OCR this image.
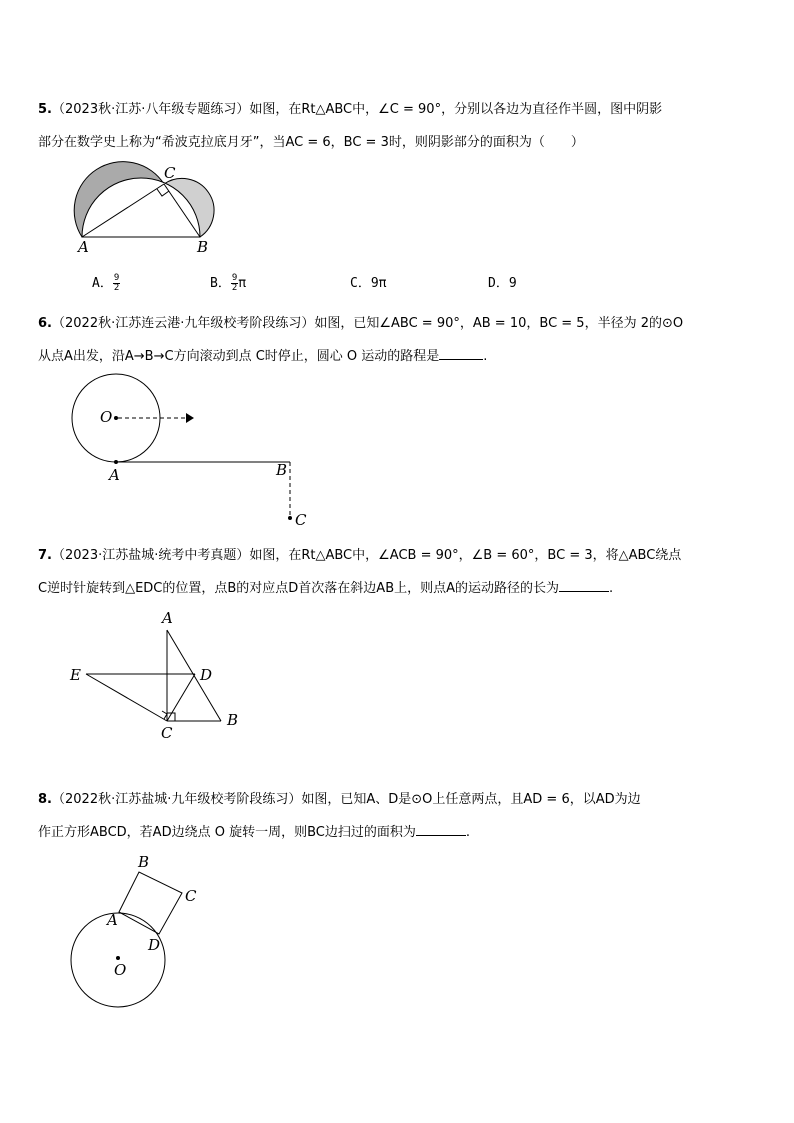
5.（2023秋·江苏·八年级专题练习）如图，在Rt△ABC中，∠C = 90°，分别以各边为直径作半圆，图中阴影
部分在数学史上称为“希波克拉底月牙”，当AC = 6，BC = 3时，则阴影部分的面积为（　　）
A	B
C
A． $\frac{9}{2}$	B． $\frac{9}{2}$ π	C．9π	D．9
6.（2022秋·江苏连云港·九年级校考阶段练习）如图，已知∠ABC = 90°，AB = 10，BC = 5，半径为 2的⊙O
从点A出发，沿A→B→C方向滚动到点 C时停止，圆心 O 运动的路程是	.
O
A	B
C
7.（2023·江苏盐城·统考中考真题）如图，在Rt△ABC中，∠ACB = 90°，∠B = 60°，BC = 3，将△ABC绕点
C逆时针旋转到△EDC的位置，点B的对应点D首次落在斜边AB上，则点A的运动路径的长为	.
A
E	D
C
B
8.（2022秋·江苏盐城·九年级校考阶段练习）如图，已知A、D是⊙O上任意两点，且AD = 6，以AD为边
作正方形ABCD，若AD边绕点 O 旋转一周，则BC边扫过的面积为	.
B
C
A
D
O
